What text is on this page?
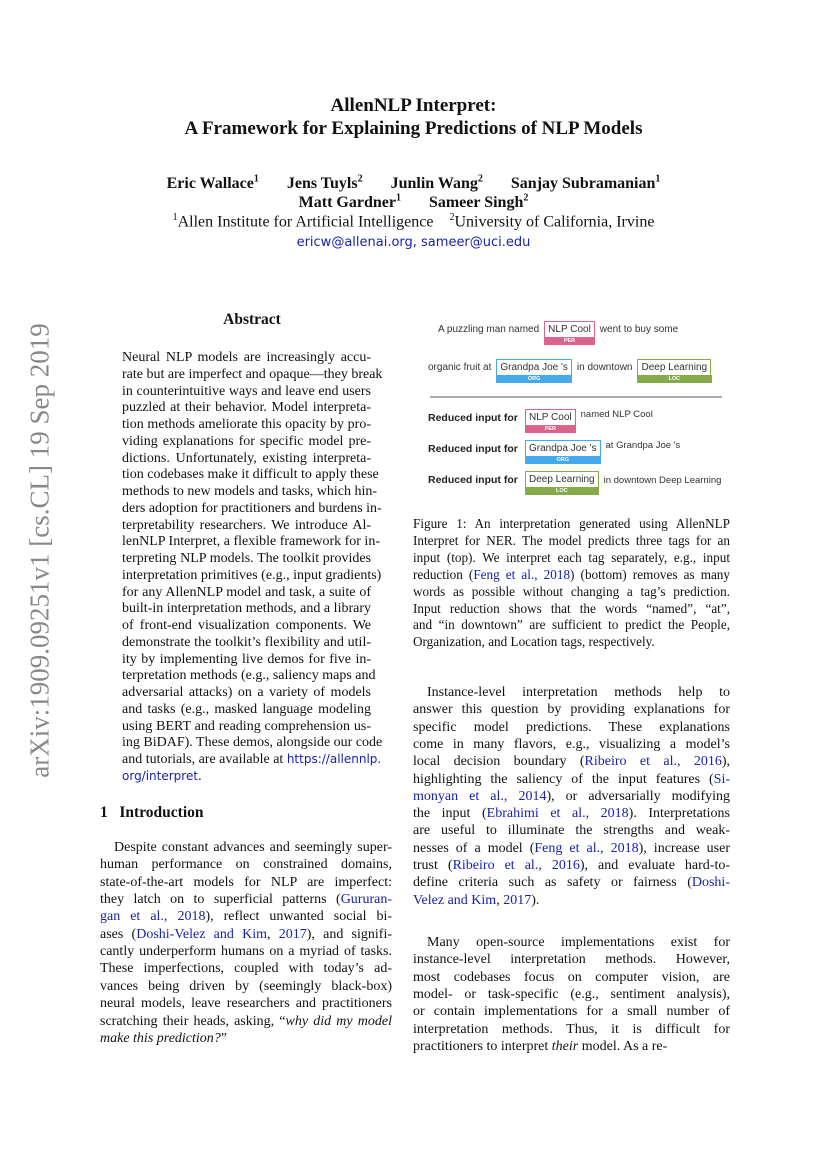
arXiv:1909.09251v1 [cs.CL] 19 Sep 2019
AllenNLP Interpret:
A Framework for Explaining Predictions of NLP Models
Eric Wallace$^1$ Jens Tuyls$^2$ Junlin Wang$^2$ Sanjay Subramanian$^1$
Matt Gardner$^1$ Sameer Singh$^2$
$^1$Allen Institute for Artificial Intelligence $^2$University of California, Irvine
ericw@allenai.org, sameer@uci.edu
Abstract
Neural NLP models are increasingly accu-
rate but are imperfect and opaque—they break
in counterintuitive ways and leave end users
puzzled at their behavior. Model interpreta-
tion methods ameliorate this opacity by pro-
viding explanations for specific model pre-
dictions. Unfortunately, existing interpreta-
tion codebases make it difficult to apply these
methods to new models and tasks, which hin-
ders adoption for practitioners and burdens in-
terpretability researchers. We introduce Al-
lenNLP Interpret, a flexible framework for in-
terpreting NLP models. The toolkit provides
interpretation primitives (e.g., input gradients)
for any AllenNLP model and task, a suite of
built-in interpretation methods, and a library
of front-end visualization components. We
demonstrate the toolkit’s flexibility and util-
ity by implementing live demos for five in-
terpretation methods (e.g., saliency maps and
adversarial attacks) on a variety of models
and tasks (e.g., masked language modeling
using BERT and reading comprehension us-
ing BiDAF). These demos, alongside our code
and tutorials, are available at https://allennlp.
org/interpret.
1 Introduction
Despite constant advances and seemingly super-
human performance on constrained domains,
state-of-the-art models for NLP are imperfect:
they latch on to superficial patterns (Gururan-
gan et al., 2018), reflect unwanted social bi-
ases (Doshi-Velez and Kim, 2017), and signifi-
cantly underperform humans on a myriad of tasks.
These imperfections, coupled with today’s ad-
vances being driven by (seemingly black-box)
neural models, leave researchers and practitioners
scratching their heads, asking, “why did my model
make this prediction?”
A puzzling man named NLP Cool
PER
went to buy some
organic fruit at Grandpa Joe 's
ORG
in downtown Deep Learning
LOC
Reduced input for	NLP Cool
PER
named NLP Cool
Reduced input for	Grandpa Joe 's
ORG
at Grandpa Joe 's
Reduced input for	Deep Learning
LOC
in downtown Deep Learning
Figure 1: An interpretation generated using AllenNLP
Interpret for NER. The model predicts three tags for an
input (top). We interpret each tag separately, e.g., input
reduction (Feng et al., 2018) (bottom) removes as many
words as possible without changing a tag’s prediction.
Input reduction shows that the words “named”, “at”,
and “in downtown” are sufficient to predict the People,
Organization, and Location tags, respectively.
Instance-level interpretation methods help to
answer this question by providing explanations for
specific model predictions. These explanations
come in many flavors, e.g., visualizing a model’s
local decision boundary (Ribeiro et al., 2016),
highlighting the saliency of the input features (Si-
monyan et al., 2014), or adversarially modifying
the input (Ebrahimi et al., 2018). Interpretations
are useful to illuminate the strengths and weak-
nesses of a model (Feng et al., 2018), increase user
trust (Ribeiro et al., 2016), and evaluate hard-to-
define criteria such as safety or fairness (Doshi-
Velez and Kim, 2017).
Many open-source implementations exist for
instance-level interpretation methods. However,
most codebases focus on computer vision, are
model- or task-specific (e.g., sentiment analysis),
or contain implementations for a small number of
interpretation methods. Thus, it is difficult for
practitioners to interpret their model. As a re-
